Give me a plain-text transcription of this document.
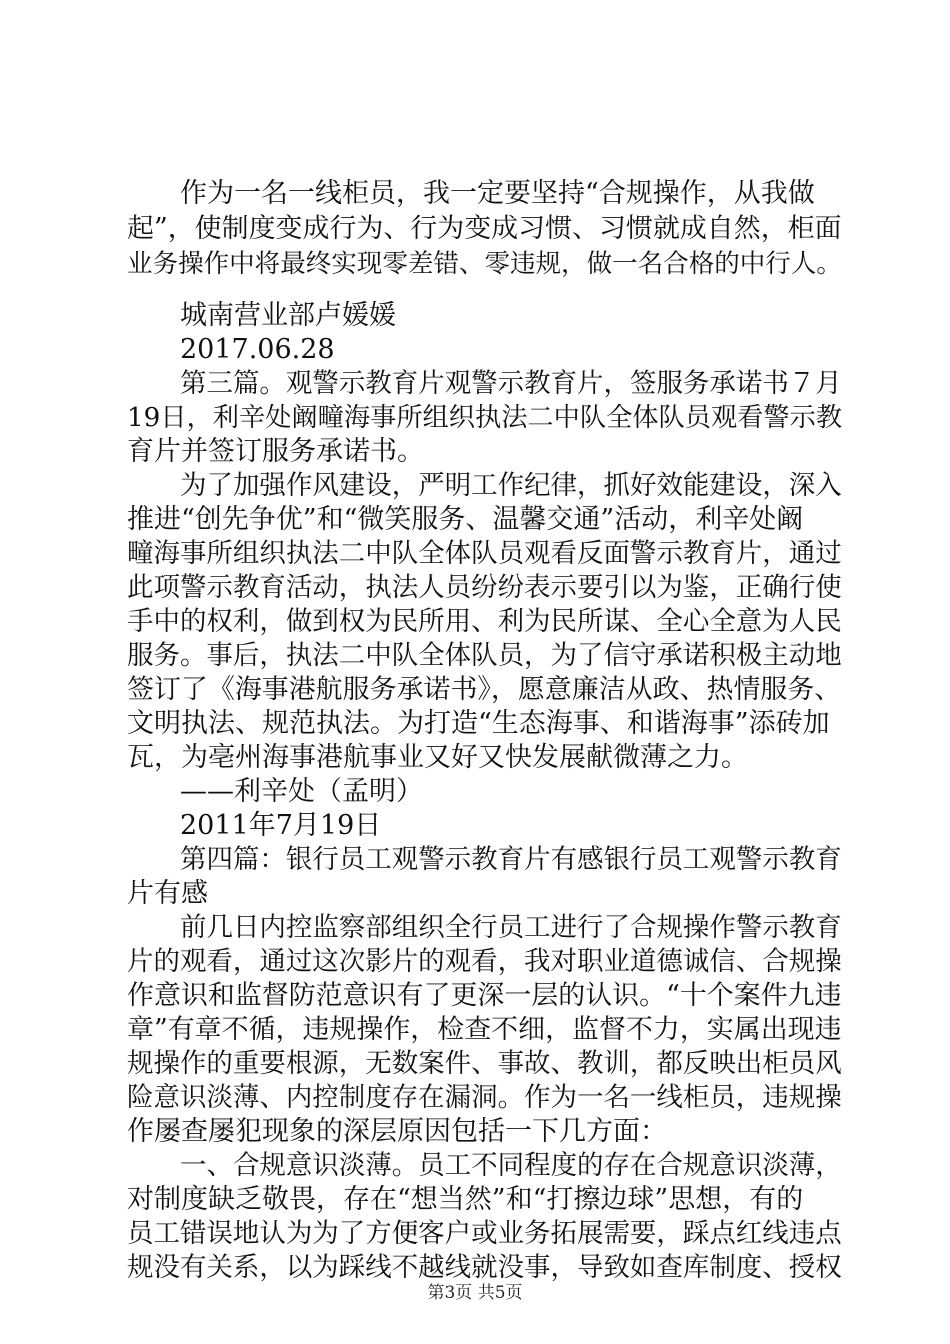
作为一名一线柜员，我一定要坚持“合规操作，从我做
起”，使制度变成行为、行为变成习惯、习惯就成自然，柜面
业务操作中将最终实现零差错、零违规，做一名合格的中行人。
城南营业部卢媛媛
2017.06.28
第三篇。观警示教育片观警示教育片，签服务承诺书７月
19日，利辛处阚疃海事所组织执法二中队全体队员观看警示教
育片并签订服务承诺书。
为了加强作风建设，严明工作纪律，抓好效能建设，深入
推进“创先争优”和“微笑服务、温馨交通”活动，利辛处阚
疃海事所组织执法二中队全体队员观看反面警示教育片，通过
此项警示教育活动，执法人员纷纷表示要引以为鉴，正确行使
手中的权利，做到权为民所用、利为民所谋、全心全意为人民
服务。事后，执法二中队全体队员，为了信守承诺积极主动地
签订了《海事港航服务承诺书》，愿意廉洁从政、热情服务、
文明执法、规范执法。为打造“生态海事、和谐海事”添砖加
瓦，为亳州海事港航事业又好又快发展献微薄之力。
——利辛处（孟明）
2011年7月19日
第四篇：银行员工观警示教育片有感银行员工观警示教育
片有感
前几日内控监察部组织全行员工进行了合规操作警示教育
片的观看，通过这次影片的观看，我对职业道德诚信、合规操
作意识和监督防范意识有了更深一层的认识。“十个案件九违
章”有章不循，违规操作，检查不细，监督不力，实属出现违
规操作的重要根源，无数案件、事故、教训，都反映出柜员风
险意识淡薄、内控制度存在漏洞。作为一名一线柜员，违规操
作屡查屡犯现象的深层原因包括一下几方面：
一、合规意识淡薄。员工不同程度的存在合规意识淡薄，
对制度缺乏敬畏，存在“想当然”和“打擦边球”思想，有的
员工错误地认为为了方便客户或业务拓展需要，踩点红线违点
规没有关系，以为踩线不越线就没事，导致如查库制度、授权
第3页 共5页
